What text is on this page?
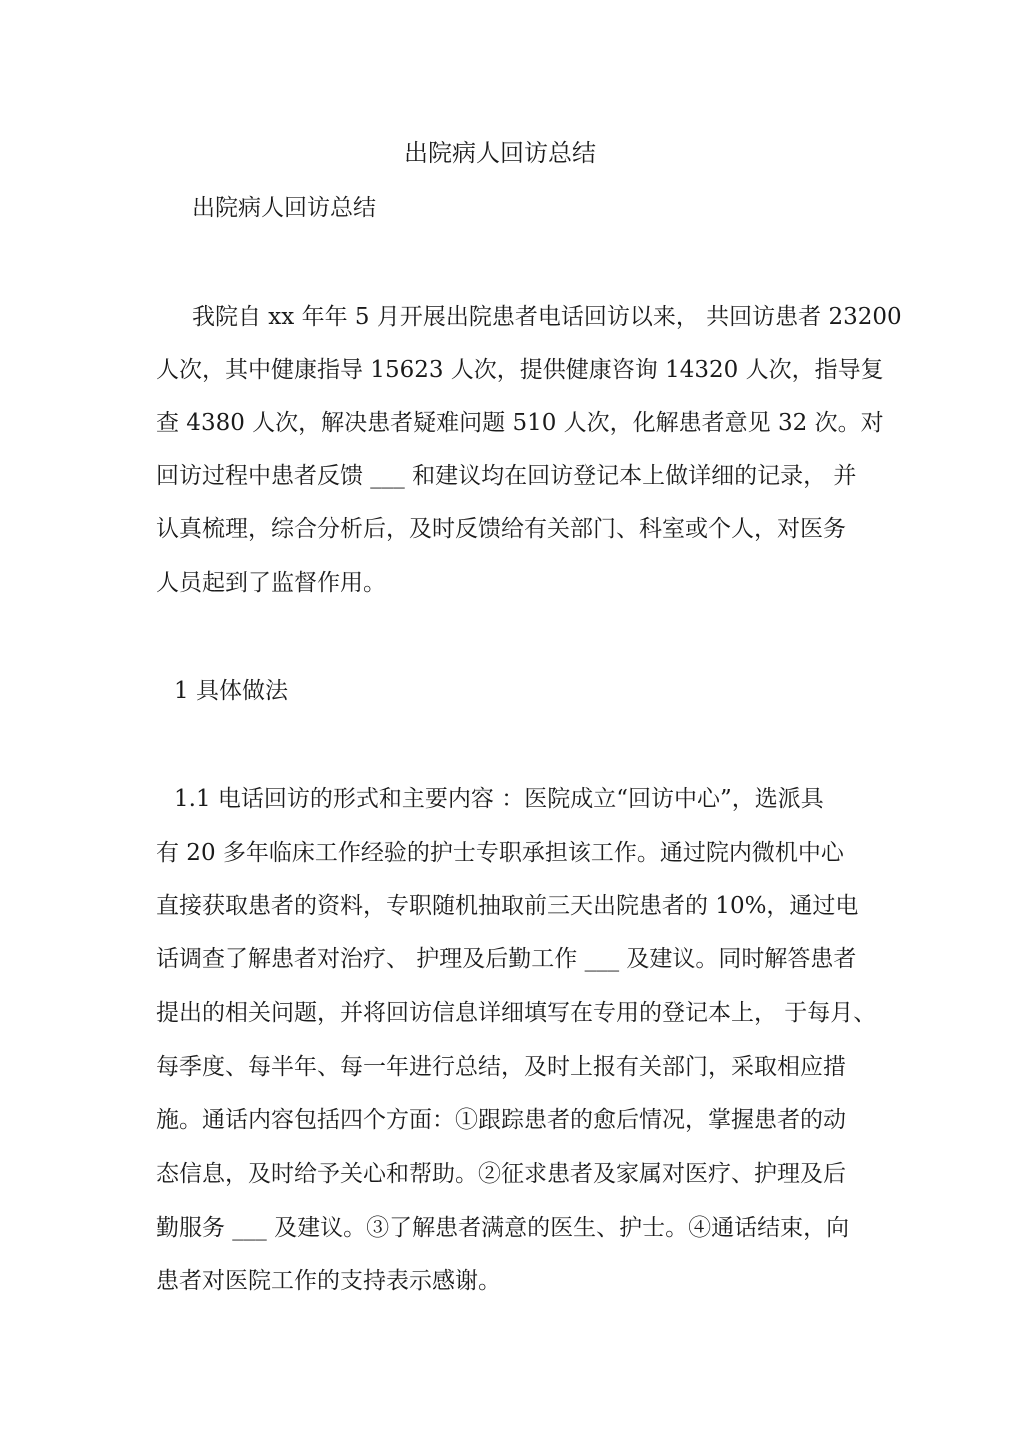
出院病人回访总结
出院病人回访总结
我院自 xx 年年 5 月开展出院患者电话回访以来， 共回访患者 23200
人次，其中健康指导 15623 人次，提供健康咨询 14320 人次，指导复
查 4380 人次，解决患者疑难问题 510 人次，化解患者意见 32 次。对
回访过程中患者反馈 ___ 和建议均在回访登记本上做详细的记录， 并
认真梳理，综合分析后，及时反馈给有关部门、科室或个人，对医务
人员起到了监督作用。
1 具体做法
1.1 电话回访的形式和主要内容 ：医院成立“回访中心”，选派具
有 20 多年临床工作经验的护士专职承担该工作。通过院内微机中心
直接获取患者的资料，专职随机抽取前三天出院患者的 10%，通过电
话调查了解患者对治疗、 护理及后勤工作 ___ 及建议。同时解答患者
提出的相关问题，并将回访信息详细填写在专用的登记本上， 于每月、
每季度、每半年、每一年进行总结，及时上报有关部门，采取相应措
施。通话内容包括四个方面：①跟踪患者的愈后情况，掌握患者的动
态信息，及时给予关心和帮助。②征求患者及家属对医疗、护理及后
勤服务 ___ 及建议。③了解患者满意的医生、护士。④通话结束，向
患者对医院工作的支持表示感谢。
